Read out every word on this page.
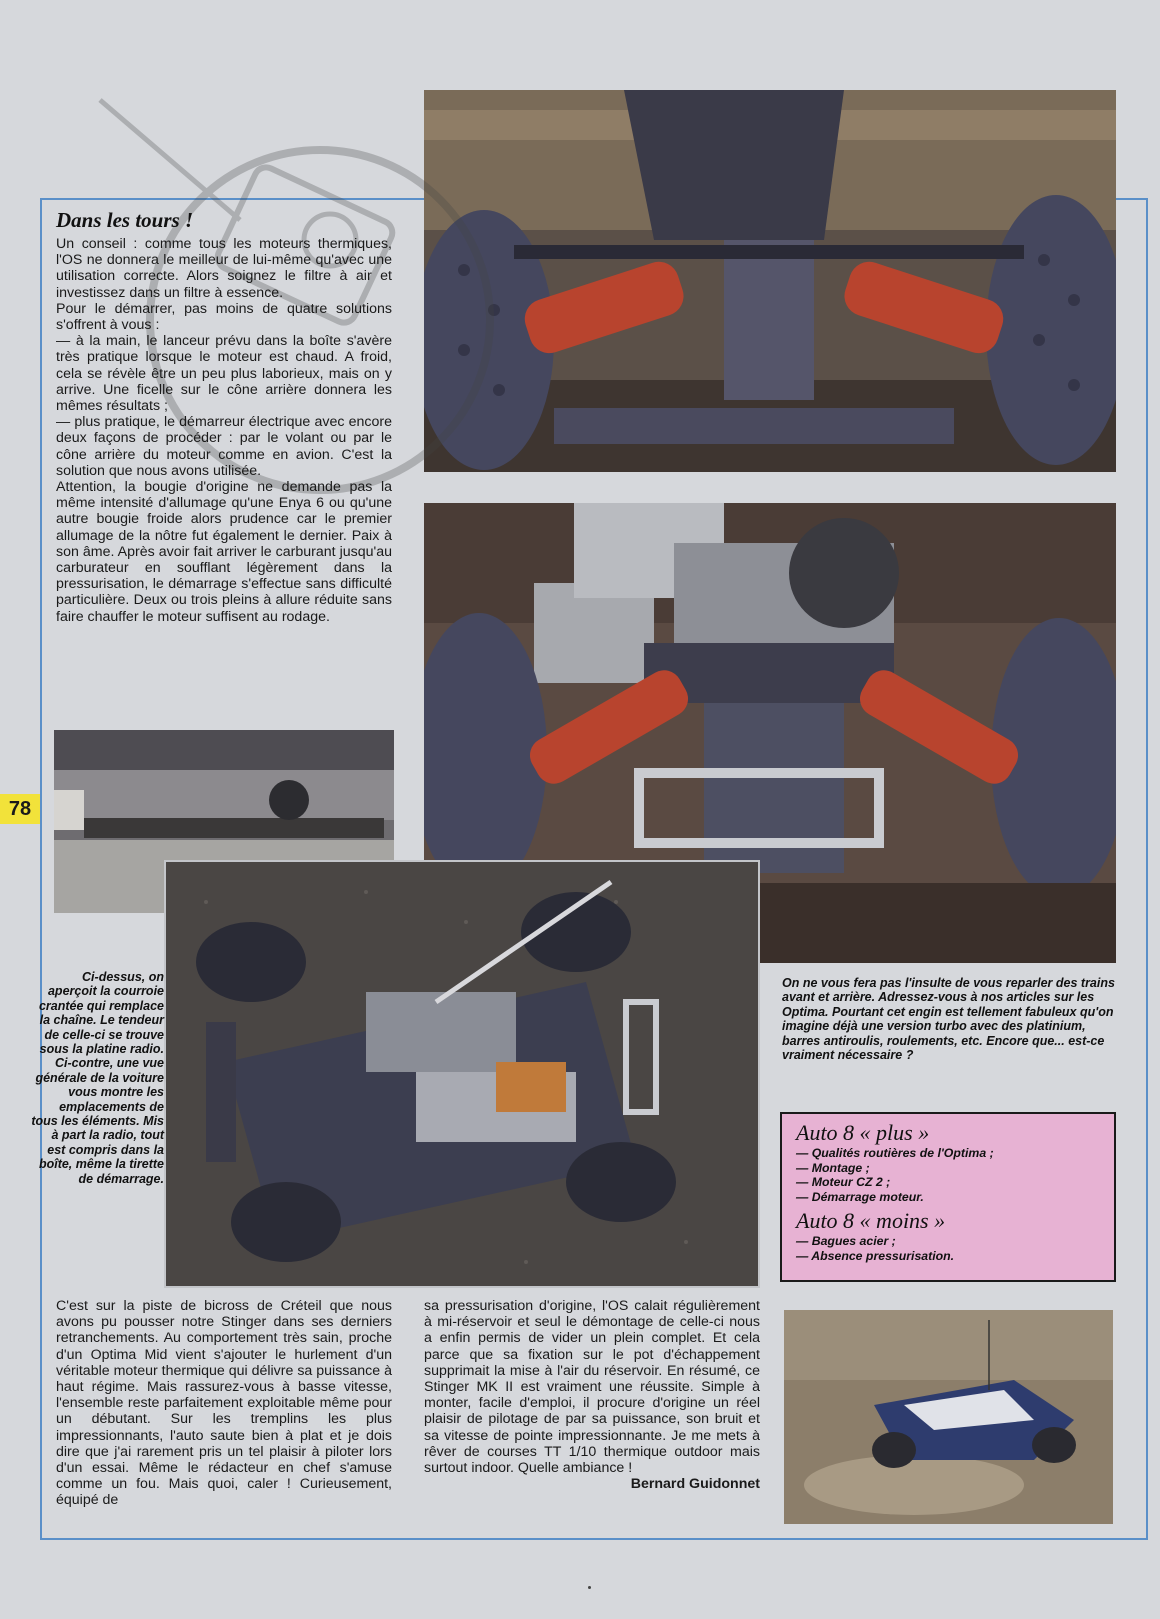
Dans les tours !

Un conseil : comme tous les moteurs thermiques, l'OS ne donnera le meilleur de lui-même qu'avec une utilisation correcte. Alors soignez le filtre à air et investissez dans un filtre à essence.

Pour le démarrer, pas moins de quatre solutions s'offrent à vous :

— à la main, le lanceur prévu dans la boîte s'avère très pratique lorsque le moteur est chaud. A froid, cela se révèle être un peu plus laborieux, mais on y arrive. Une ficelle sur le cône arrière donnera les mêmes résultats ;

— plus pratique, le démarreur électrique avec encore deux façons de procéder : par le volant ou par le cône arrière du moteur comme en avion. C'est la solution que nous avons utilisée.

Attention, la bougie d'origine ne demande pas la même intensité d'allumage qu'une Enya 6 ou qu'une autre bougie froide alors prudence car le premier allumage de la nôtre fut également le dernier. Paix à son âme. Après avoir fait arriver le carburant jusqu'au carburateur en soufflant légèrement dans la pressurisation, le démarrage s'effectue sans difficulté particulière. Deux ou trois pleins à allure réduite sans faire chauffer le moteur suffisent au rodage.

78
Ci-dessus, on aperçoit la courroie crantée qui remplace la chaîne. Le tendeur de celle-ci se trouve sous la platine radio. Ci-contre, une vue générale de la voiture vous montre les emplacements de tous les éléments. Mis à part la radio, tout est compris dans la boîte, même la tirette de démarrage.
On ne vous fera pas l'insulte de vous reparler des trains avant et arrière. Adressez-vous à nos articles sur les Optima. Pourtant cet engin est tellement fabuleux qu'on imagine déjà une version turbo avec des platinium, barres antiroulis, roulements, etc. Encore que... est-ce vraiment nécessaire ?

Auto 8 « plus »

— Qualités routières de l'Optima ;
— Montage ;
— Moteur CZ 2 ;
— Démarrage moteur.

Auto 8 « moins »

— Bagues acier ;
— Absence pressurisation.
C'est sur la piste de bicross de Créteil que nous avons pu pousser notre Stinger dans ses derniers retranchements. Au comportement très sain, proche d'un Optima Mid vient s'ajouter le hurlement d'un véritable moteur thermique qui délivre sa puissance à haut régime. Mais rassurez-vous à basse vitesse, l'ensemble reste parfaitement exploitable même pour un débutant. Sur les tremplins les plus impressionnants, l'auto saute bien à plat et je dois dire que j'ai rarement pris un tel plaisir à piloter lors d'un essai. Même le rédacteur en chef s'amuse comme un fou. Mais quoi, caler ! Curieusement, équipé de
sa pressurisation d'origine, l'OS calait régulièrement à mi-réservoir et seul le démontage de celle-ci nous a enfin permis de vider un plein complet. Et cela parce que sa fixation sur le pot d'échappement supprimait la mise à l'air du réservoir. En résumé, ce Stinger MK II est vraiment une réussite. Simple à monter, facile d'emploi, il procure d'origine un réel plaisir de pilotage de par sa puissance, son bruit et sa vitesse de pointe impressionnante. Je me mets à rêver de courses TT 1/10 thermique outdoor mais surtout indoor. Quelle ambiance !
Bernard Guidonnet
